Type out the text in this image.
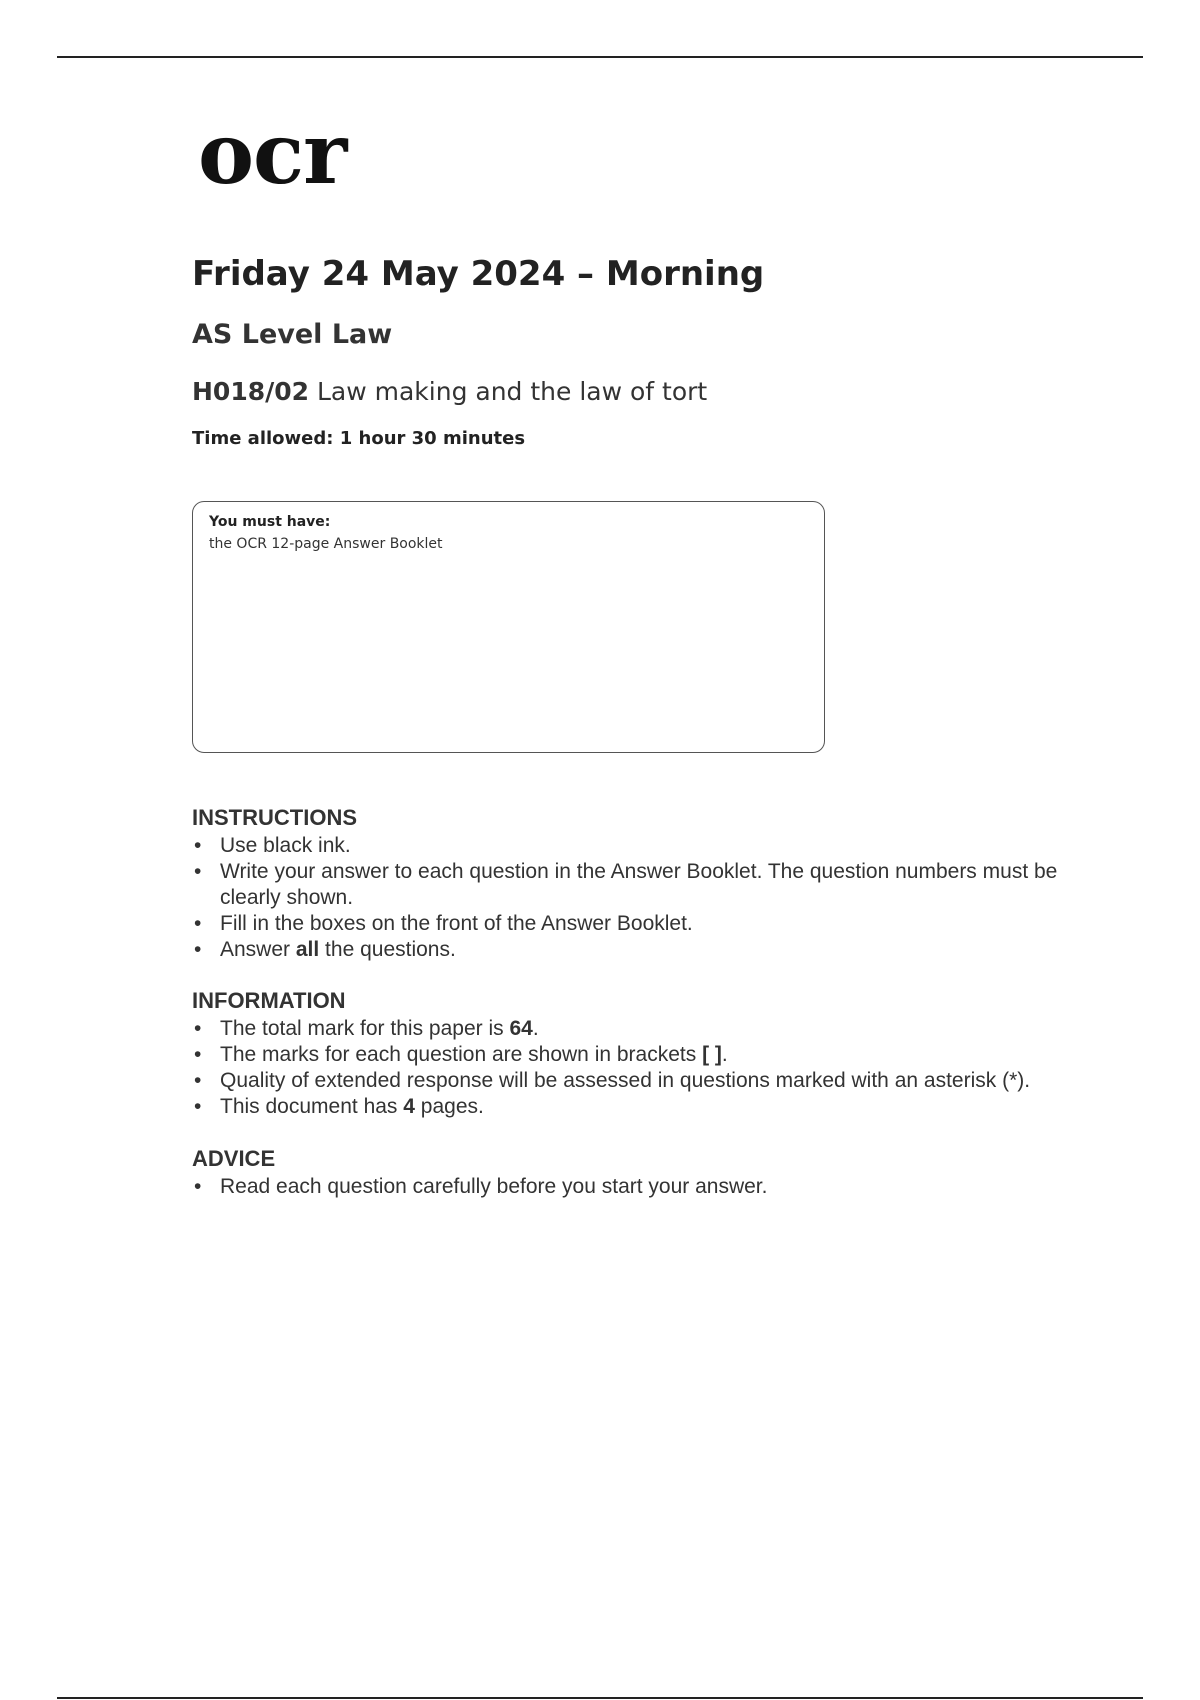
ocr
Friday 24 May 2024 – Morning
AS Level Law
H018/02 Law making and the law of tort
Time allowed: 1 hour 30 minutes
You must have:
the OCR 12-page Answer Booklet
INSTRUCTIONS
• Use black ink.
• Write your answer to each question in the Answer Booklet. The question numbers must be clearly shown.
• Fill in the boxes on the front of the Answer Booklet.
• Answer all the questions.
INFORMATION
• The total mark for this paper is 64.
• The marks for each question are shown in brackets [ ].
• Quality of extended response will be assessed in questions marked with an asterisk (*).
• This document has 4 pages.
ADVICE
• Read each question carefully before you start your answer.
